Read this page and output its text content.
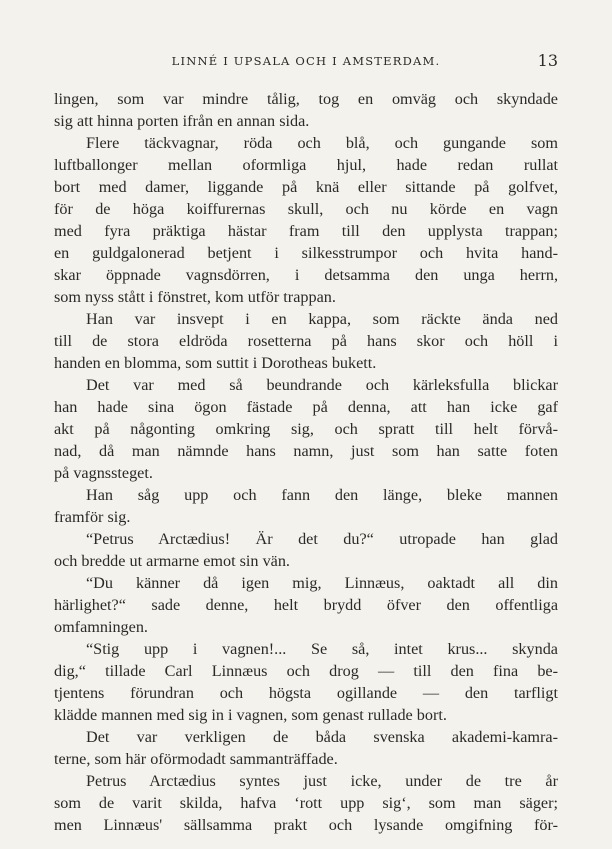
LINNÉ I UPSALA OCH I AMSTERDAM.	13
lingen, som var mindre tålig, tog en omväg och skyndade
sig att hinna porten ifrån en annan sida.
Flere täckvagnar, röda och blå, och gungande som
luftballonger mellan oformliga hjul, hade redan rullat
bort med damer, liggande på knä eller sittande på golfvet,
för de höga koiffurernas skull, och nu körde en vagn
med fyra präktiga hästar fram till den upplysta trappan;
en guldgalonerad betjent i silkesstrumpor och hvita hand-
skar öppnade vagnsdörren, i detsamma den unga herrn,
som nyss stått i fönstret, kom utför trappan.
Han var insvept i en kappa, som räckte ända ned
till de stora eldröda rosetterna på hans skor och höll i
handen en blomma, som suttit i Dorotheas bukett.
Det var med så beundrande och kärleksfulla blickar
han hade sina ögon fästade på denna, att han icke gaf
akt på någonting omkring sig, och spratt till helt förvå-
nad, då man nämnde hans namn, just som han satte foten
på vagnssteget.
Han såg upp och fann den länge, bleke mannen
framför sig.
“Petrus Arctædius! Är det du?“ utropade han glad
och bredde ut armarne emot sin vän.
“Du känner då igen mig, Linnæus, oaktadt all din
härlighet?“ sade denne, helt brydd öfver den offentliga
omfamningen.
“Stig upp i vagnen!... Se så, intet krus... skynda
dig,“ tillade Carl Linnæus och drog — till den fina be-
tjentens förundran och högsta ogillande — den tarfligt
klädde mannen med sig in i vagnen, som genast rullade bort.
Det var verkligen de båda svenska akademi-kamra-
terne, som här oförmodadt sammanträffade.
Petrus Arctædius syntes just icke, under de tre år
som de varit skilda, hafva ‘rott upp sig‘, som man säger;
men Linnæus' sällsamma prakt och lysande omgifning för-
